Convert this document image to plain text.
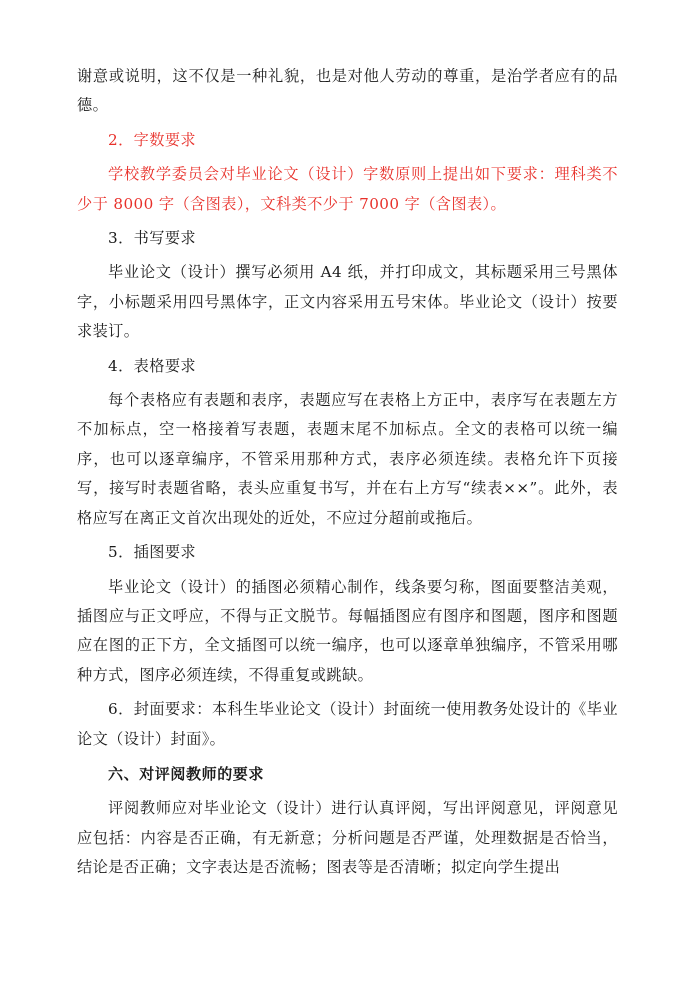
谢意或说明，这不仅是一种礼貌，也是对他人劳动的尊重，是治学者应有的品德。

2．字数要求

学校教学委员会对毕业论文（设计）字数原则上提出如下要求：理科类不少于 8000 字（含图表），文科类不少于 7000 字（含图表）。

3．书写要求

毕业论文（设计）撰写必须用 A4 纸，并打印成文，其标题采用三号黑体字，小标题采用四号黑体字，正文内容采用五号宋体。毕业论文（设计）按要求装订。

4．表格要求

每个表格应有表题和表序，表题应写在表格上方正中，表序写在表题左方不加标点，空一格接着写表题，表题末尾不加标点。全文的表格可以统一编序，也可以逐章编序，不管采用那种方式，表序必须连续。表格允许下页接写，接写时表题省略，表头应重复书写，并在右上方写“续表××”。此外，表格应写在离正文首次出现处的近处，不应过分超前或拖后。

5．插图要求

毕业论文（设计）的插图必须精心制作，线条要匀称，图面要整洁美观，插图应与正文呼应，不得与正文脱节。每幅插图应有图序和图题，图序和图题应在图的正下方，全文插图可以统一编序，也可以逐章单独编序，不管采用哪种方式，图序必须连续，不得重复或跳缺。

6．封面要求：本科生毕业论文（设计）封面统一使用教务处设计的《毕业论文（设计）封面》。

六、对评阅教师的要求

评阅教师应对毕业论文（设计）进行认真评阅，写出评阅意见，评阅意见应包括：内容是否正确，有无新意；分析问题是否严谨，处理数据是否恰当，结论是否正确；文字表达是否流畅；图表等是否清晰；拟定向学生提出
